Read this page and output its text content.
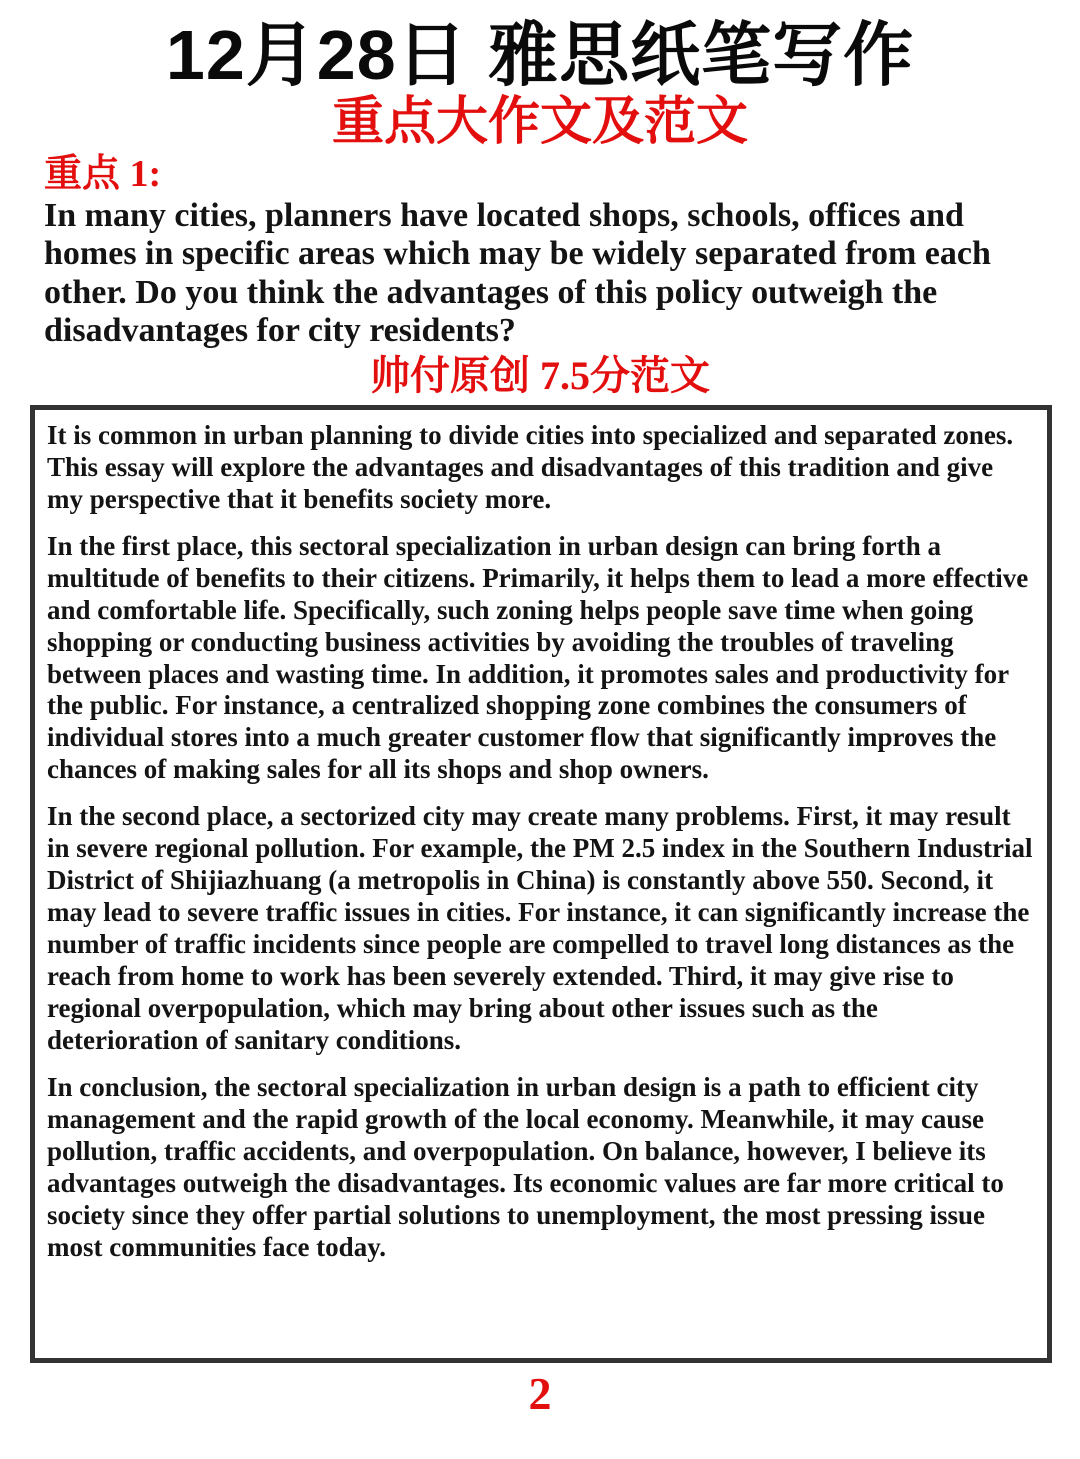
12月28日 雅思纸笔写作
重点大作文及范文
重点 1:
In many cities, planners have located shops, schools, offices and homes in specific areas which may be widely separated from each other. Do you think the advantages of this policy outweigh the disadvantages for city residents?
帅付原创 7.5分范文

It is common in urban planning to divide cities into specialized and separated zones. This essay will explore the advantages and disadvantages of this tradition and give my perspective that it benefits society more.

In the first place, this sectoral specialization in urban design can bring forth a multitude of benefits to their citizens. Primarily, it helps them to lead a more effective and comfortable life. Specifically, such zoning helps people save time when going shopping or conducting business activities by avoiding the troubles of traveling between places and wasting time. In addition, it promotes sales and productivity for the public. For instance, a centralized shopping zone combines the consumers of individual stores into a much greater customer flow that significantly improves the chances of making sales for all its shops and shop owners.

In the second place, a sectorized city may create many problems. First, it may result in severe regional pollution. For example, the PM 2.5 index in the Southern Industrial District of Shijiazhuang (a metropolis in China) is constantly above 550. Second, it may lead to severe traffic issues in cities. For instance, it can significantly increase the number of traffic incidents since people are compelled to travel long distances as the reach from home to work has been severely extended. Third, it may give rise to regional overpopulation, which may bring about other issues such as the deterioration of sanitary conditions.

In conclusion, the sectoral specialization in urban design is a path to efficient city management and the rapid growth of the local economy. Meanwhile, it may cause pollution, traffic accidents, and overpopulation. On balance, however, I believe its advantages outweigh the disadvantages. Its economic values are far more critical to society since they offer partial solutions to unemployment, the most pressing issue most communities face today.

2
